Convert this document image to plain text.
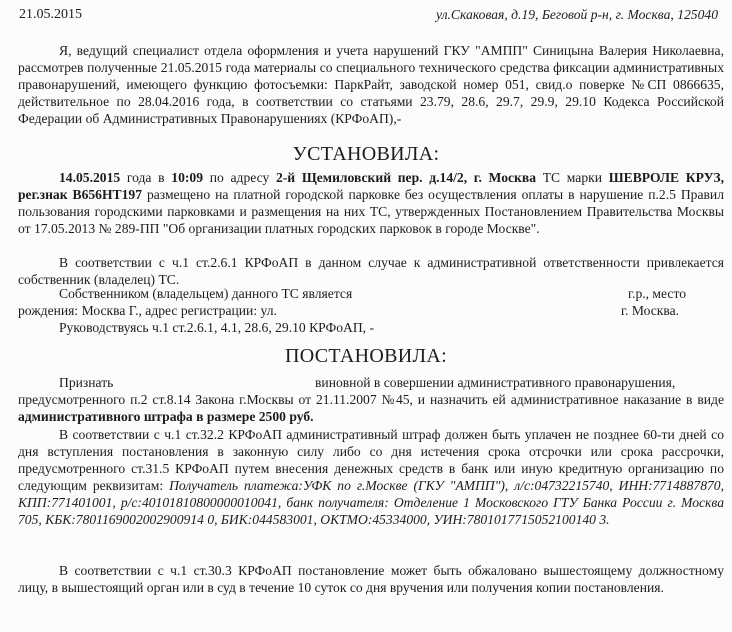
21.05.2015	ул.Скаковая, д.19, Беговой р-н, г. Москва, 125040
Я, ведущий специалист отдела оформления и учета нарушений ГКУ "АМПП" Синицына Валерия Николаевна, рассмотрев полученные 21.05.2015 года материалы со специального технического средства фиксации административных правонарушений, имеющего функцию фотосъемки: ПаркРайт, заводской номер 051, свид.о поверке №СП 0866635, действительное по 28.04.2016 года, в соответствии со статьями 23.79, 28.6, 29.7, 29.9, 29.10 Кодекса Российской Федерации об Административных Правонарушениях (КРФоАП),-
УСТАНОВИЛА:
14.05.2015 года в 10:09 по адресу 2-й Щемиловский пер. д.14/2, г. Москва ТС марки ШЕВРОЛЕ КРУЗ, рег.знак В656НТ197 размещено на платной городской парковке без осуществления оплаты в нарушение п.2.5 Правил пользования городскими парковками и размещения на них ТС, утвержденных Постановлением Правительства Москвы от 17.05.2013 № 289-ПП "Об организации платных городских парковок в городе Москве".
В соответствии с ч.1 ст.2.6.1 КРФоАП в данном случае к административной ответственности привлекается собственник (владелец) ТС.
Собственником (владельцем) данного ТС является	г.р., место
рождения: Москва Г., адрес регистрации: ул.	г. Москва.
Руководствуясь ч.1 ст.2.6.1, 4.1, 28.6, 29.10 КРФоАП, -
ПОСТАНОВИЛА:
Признать	виновной в совершении административного правонарушения,
предусмотренного п.2 ст.8.14 Закона г.Москвы от 21.11.2007 №45, и назначить ей административное наказание в виде административного штрафа в размере 2500 руб.
В соответствии с ч.1 ст.32.2 КРФоАП административный штраф должен быть уплачен не позднее 60-ти дней со дня вступления постановления в законную силу либо со дня истечения срока отсрочки или срока рассрочки, предусмотренного ст.31.5 КРФоАП путем внесения денежных средств в банк или иную кредитную организацию по следующим реквизитам: Получатель платежа:УФК по г.Москве (ГКУ "АМПП"), л/с:04732215740, ИНН:7714887870, КПП:771401001, р/с:40101810800000010041, банк получателя: Отделение 1 Московского ГТУ Банка России г. Москва 705, КБК:7801169002002900914 0, БИК:044583001, ОКТМО:45334000, УИН:7801017715052100140 3.
В соответствии с ч.1 ст.30.3 КРФоАП постановление может быть обжаловано вышестоящему должностному лицу, в вышестоящий орган или в суд в течение 10 суток со дня вручения или получения копии постановления.
